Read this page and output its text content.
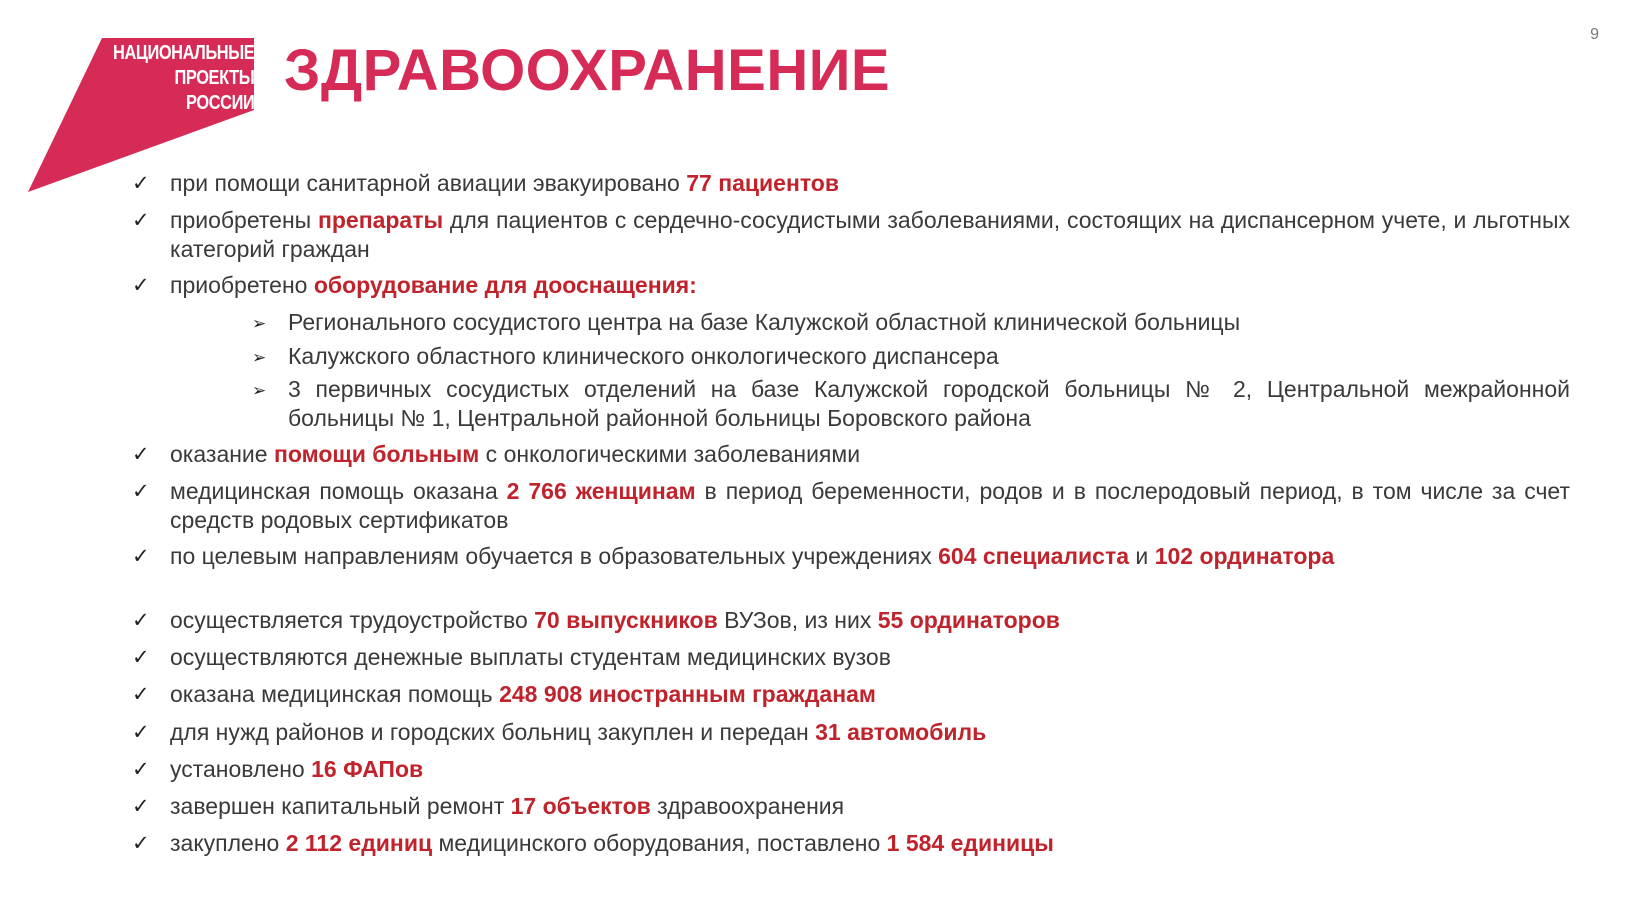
НАЦИОНАЛЬНЫЕ
ПРОЕКТЫ
РОССИИ ЗДРАВООХРАНЕНИЕ
9
✓ при помощи санитарной авиации эвакуировано 77 пациентов
✓ приобретены препараты для пациентов с сердечно-сосудистыми заболеваниями, состоящих на диспансерном учете, и льготных категорий граждан
✓ приобретено оборудование для дооснащения:
➢ Регионального сосудистого центра на базе Калужской областной клинической больницы
➢ Калужского областного клинического онкологического диспансера
➢ 3 первичных сосудистых отделений на базе Калужской городской больницы № 2, Центральной межрайонной больницы № 1, Центральной районной больницы Боровского района
✓ оказание помощи больным с онкологическими заболеваниями
✓ медицинская помощь оказана 2 766 женщинам в период беременности, родов и в послеродовый период, в том числе за счет средств родовых сертификатов
✓ по целевым направлениям обучается в образовательных учреждениях 604 специалиста и 102 ординатора
✓ осуществляется трудоустройство 70 выпускников ВУЗов, из них 55 ординаторов
✓ осуществляются денежные выплаты студентам медицинских вузов
✓ оказана медицинская помощь 248 908 иностранным гражданам
✓ для нужд районов и городских больниц закуплен и передан 31 автомобиль
✓ установлено 16 ФАПов
✓ завершен капитальный ремонт 17 объектов здравоохранения
✓ закуплено 2 112 единиц медицинского оборудования, поставлено 1 584 единицы
